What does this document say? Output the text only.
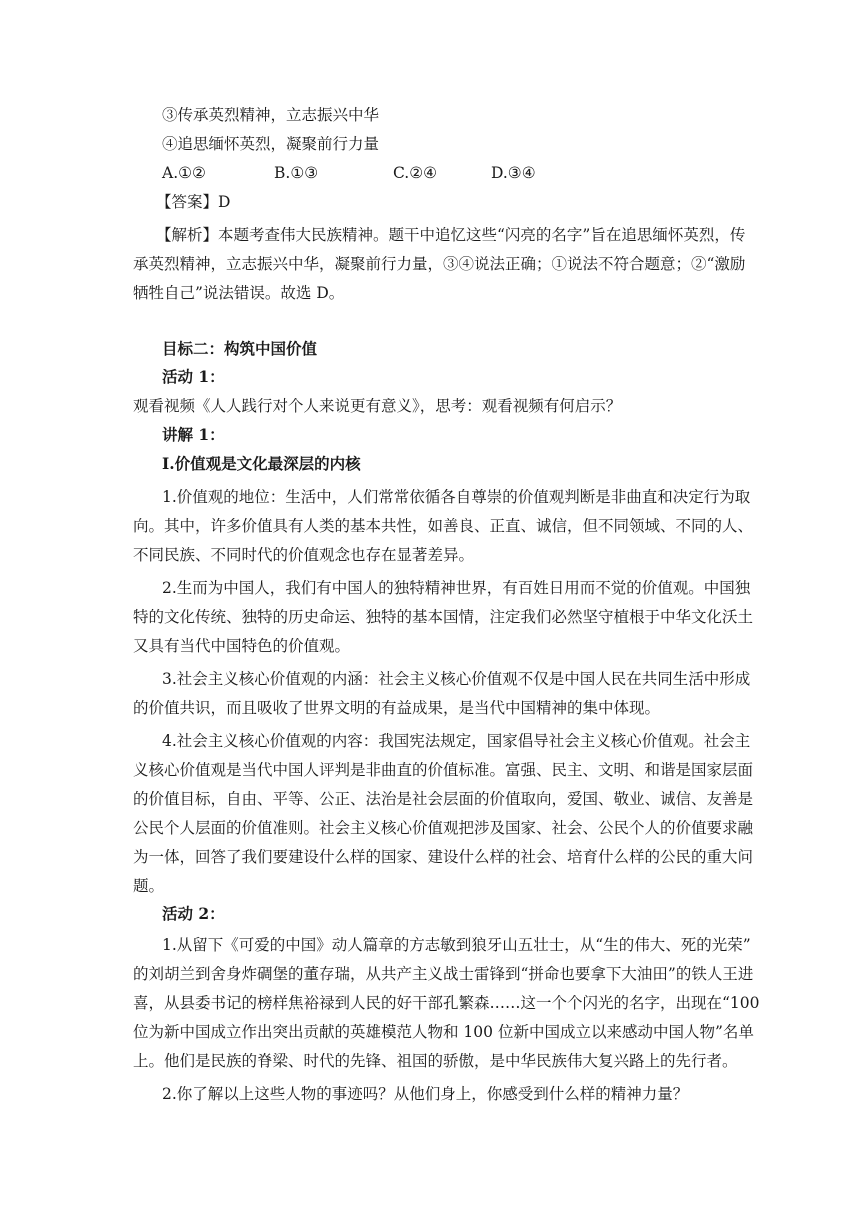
③传承英烈精神，立志振兴中华
④追思缅怀英烈，凝聚前行力量
A.①②	B.①③	C.②④	D.③④
【答案】D
【解析】本题考查伟大民族精神。题干中追忆这些“闪亮的名字”旨在追思缅怀英烈，传
承英烈精神，立志振兴中华，凝聚前行力量，③④说法正确；①说法不符合题意；②“激励
牺牲自己”说法错误。故选 D。
目标二：构筑中国价值
活动 1：
观看视频《人人践行对个人来说更有意义》，思考：观看视频有何启示？
讲解 1：
Ⅰ.价值观是文化最深层的内核
1.价值观的地位：生活中，人们常常依循各自尊崇的价值观判断是非曲直和决定行为取
向。其中，许多价值具有人类的基本共性，如善良、正直、诚信，但不同领域、不同的人、
不同民族、不同时代的价值观念也存在显著差异。
2.生而为中国人，我们有中国人的独特精神世界，有百姓日用而不觉的价值观。中国独
特的文化传统、独特的历史命运、独特的基本国情，注定我们必然坚守植根于中华文化沃土
又具有当代中国特色的价值观。
3.社会主义核心价值观的内涵：社会主义核心价值观不仅是中国人民在共同生活中形成
的价值共识，而且吸收了世界文明的有益成果，是当代中国精神的集中体现。
4.社会主义核心价值观的内容：我国宪法规定，国家倡导社会主义核心价值观。社会主
义核心价值观是当代中国人评判是非曲直的价值标准。富强、民主、文明、和谐是国家层面
的价值目标，自由、平等、公正、法治是社会层面的价值取向，爱国、敬业、诚信、友善是
公民个人层面的价值准则。社会主义核心价值观把涉及国家、社会、公民个人的价值要求融
为一体，回答了我们要建设什么样的国家、建设什么样的社会、培育什么样的公民的重大问
题。
活动 2：
1.从留下《可爱的中国》动人篇章的方志敏到狼牙山五壮士，从“生的伟大、死的光荣”
的刘胡兰到舍身炸碉堡的董存瑞，从共产主义战士雷锋到“拼命也要拿下大油田”的铁人王进
喜，从县委书记的榜样焦裕禄到人民的好干部孔繁森……这一个个闪光的名字，出现在“100
位为新中国成立作出突出贡献的英雄模范人物和 100 位新中国成立以来感动中国人物”名单
上。他们是民族的脊梁、时代的先锋、祖国的骄傲，是中华民族伟大复兴路上的先行者。
2.你了解以上这些人物的事迹吗？从他们身上，你感受到什么样的精神力量？
